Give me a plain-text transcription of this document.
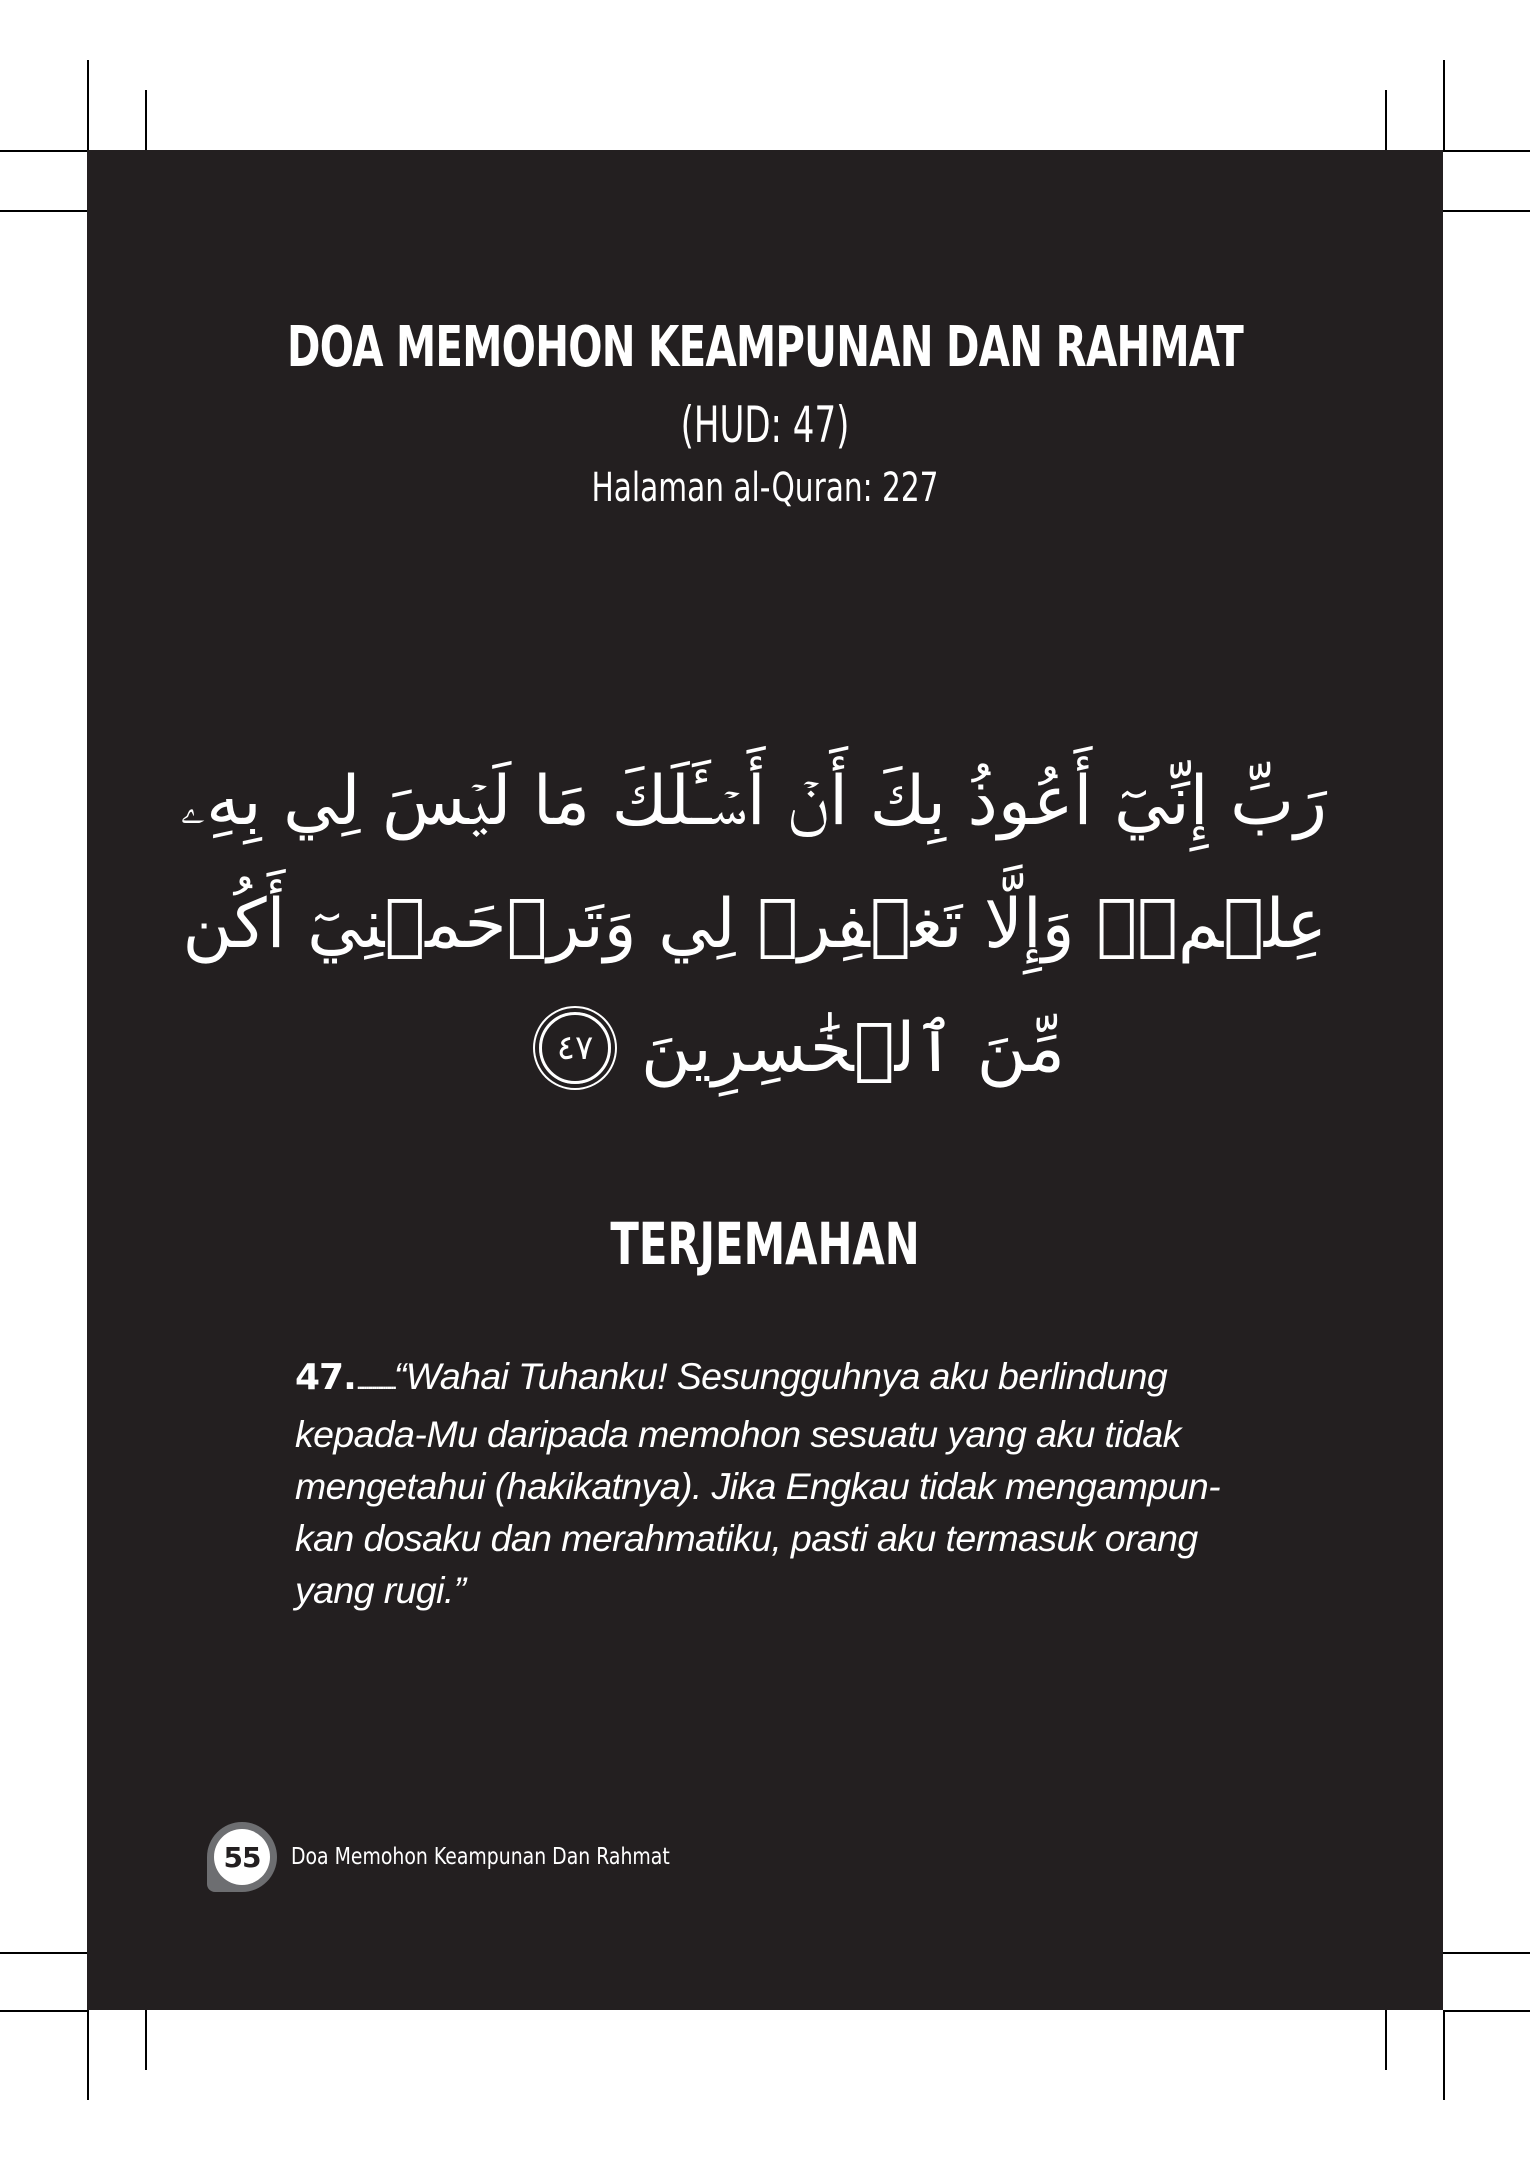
DOA MEMOHON KEAMPUNAN DAN RAHMAT
(HUD: 47)
Halaman al-Quran: 227
رَبِّ إِنِّيٓ أَعُوذُ بِكَ أَنۡ أَسۡـَٔلَكَ مَا لَيۡسَ لِي بِهِۦ
عِلۡمٞۖ وَإِلَّا تَغۡفِرۡ لِي وَتَرۡحَمۡنِيٓ أَكُن
مِّنَ ٱلۡخَٰسِرِينَ
٤٧
TERJEMAHAN

47...................“Wahai Tuhanku! Sesungguhnya aku berlindung kepada-Mu daripada memohon sesuatu yang aku tidak mengetahui (hakikatnya). Jika Engkau tidak mengampun-kan dosaku dan merahmatiku, pasti aku termasuk orang yang rugi.”

55	Doa Memohon Keampunan Dan Rahmat
